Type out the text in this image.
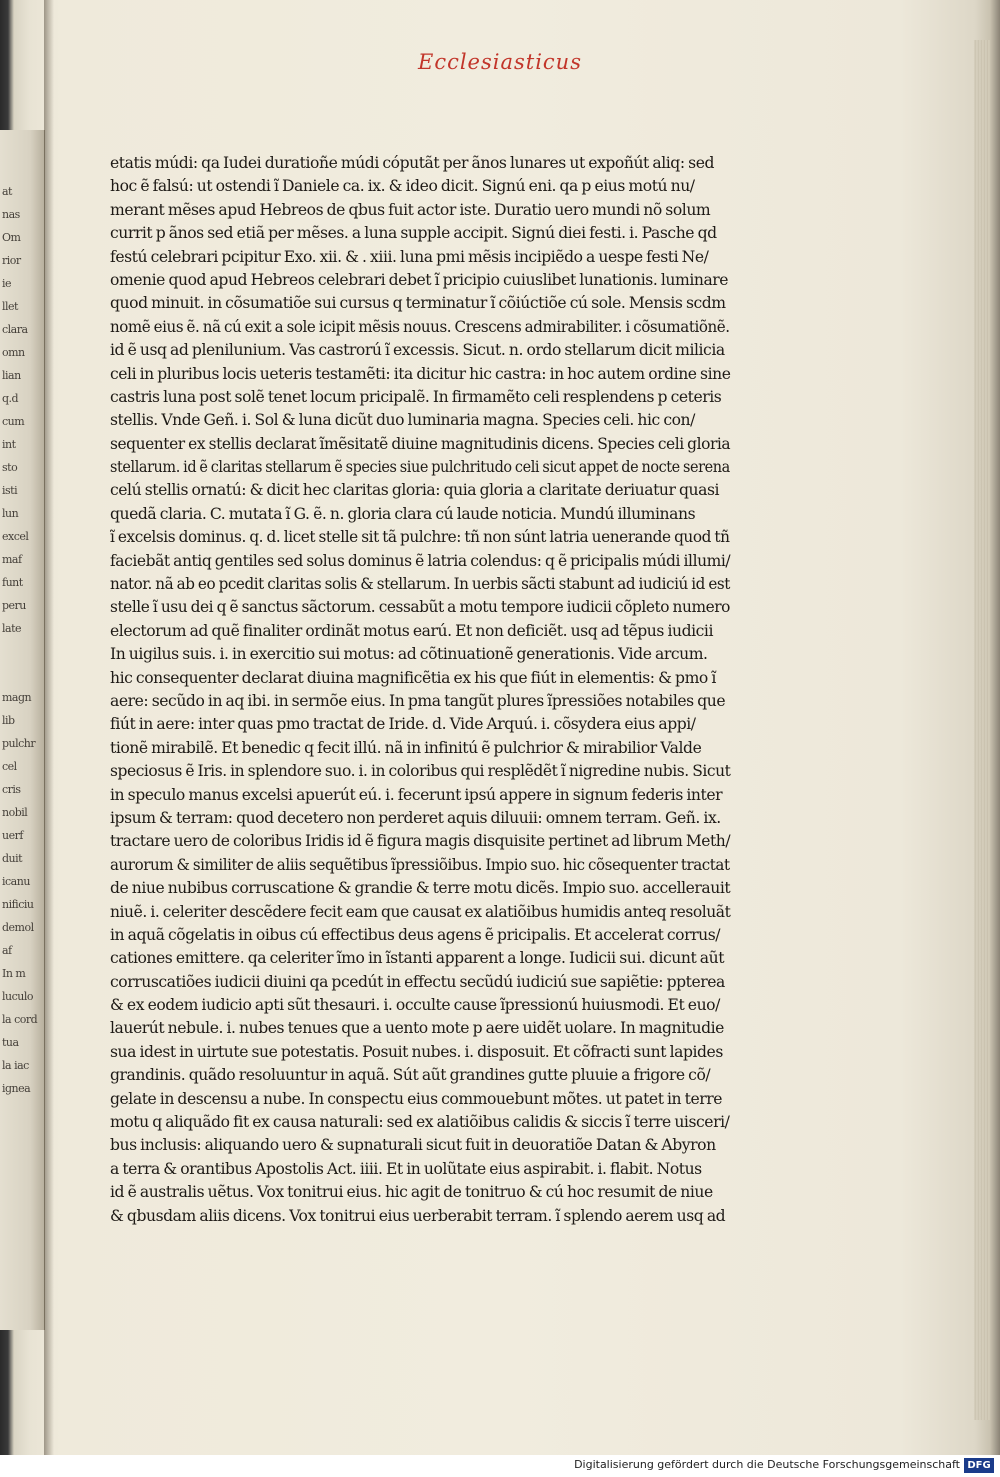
at
nas
Om
rior
ie
llet
clara
omn
lian
q.d
cum
int
sto
isti
lun
excel
maf
funt
peru
late

magn
lib
pulchr
cel
cris
nobil
uerf
duit
icanu
nificiu
demol
af
In m
luculo
la cord
tua
la iac
ignea
Ecclesiasticus
etatis múdi: qa Iudei duratioñe múdi cóputãt per ãnos lunares ut expoñút aliq: sed
hoc ẽ falsú: ut ostendi ĩ Daniele ca. ix. & ideo dicit. Signú eni. qa p eius motú nu/
merant mẽses apud Hebreos de qbus fuit actor iste. Duratio uero mundi nõ solum
currit p ãnos sed etiã per mẽses. a luna supple accipit. Signú diei festi. i. Pasche qd
festú celebrari pcipitur Exo. xii. & . xiii. luna pmi mẽsis incipiẽdo a uespe festi Ne/
omenie quod apud Hebreos celebrari debet ĩ pricipio cuiuslibet lunationis. luminare
quod minuit. in cõsumatiõe sui cursus q terminatur ĩ cõiúctiõe cú sole. Mensis scdm
nomẽ eius ẽ. nã cú exit a sole icipit mẽsis nouus. Crescens admirabiliter. i cõsumatiõnẽ.
id ẽ usq ad plenilunium. Vas castrorú ĩ excessis. Sicut. n. ordo stellarum dicit milicia
celi in pluribus locis ueteris testamẽti: ita dicitur hic castra: in hoc autem ordine sine
castris luna post solẽ tenet locum pricipalẽ. In firmamẽto celi resplendens p ceteris
stellis. Vnde Geñ. i. Sol & luna dicũt duo luminaria magna. Species celi. hic con/
sequenter ex stellis declarat ĩmẽsitatẽ diuine magnitudinis dicens. Species celi gloria
stellarum. id ẽ claritas stellarum ẽ species siue pulchritudo celi sicut appet de nocte serena
celú stellis ornatú: & dicit hec claritas gloria: quia gloria a claritate deriuatur quasi
quedã claria. C. mutata ĩ G. ẽ. n. gloria clara cú laude noticia. Mundú illuminans
ĩ excelsis dominus. q. d. licet stelle sit tã pulchre: tñ non súnt latria uenerande quod tñ
faciebãt antiq gentiles sed solus dominus ẽ latria colendus: q ẽ pricipalis múdi illumi/
nator. nã ab eo pcedit claritas solis & stellarum. In uerbis sãcti stabunt ad iudiciú id est
stelle ĩ usu dei q ẽ sanctus sãctorum. cessabũt a motu tempore iudicii cõpleto numero
electorum ad quẽ finaliter ordinãt motus earú. Et non deficiẽt. usq ad tẽpus iudicii
In uigilus suis. i. in exercitio sui motus: ad cõtinuationẽ generationis. Vide arcum.
hic consequenter declarat diuina magnificẽtia ex his que fiút in elementis: & pmo ĩ
aere: secũdo in aq ibi. in sermõe eius. In pma tangũt plures ĩpressiões notabiles que
fiút in aere: inter quas pmo tractat de Iride. d. Vide Arquú. i. cõsydera eius appi/
tionẽ mirabilẽ. Et benedic q fecit illú. nã in infinitú ẽ pulchrior & mirabilior Valde
speciosus ẽ Iris. in splendore suo. i. in coloribus qui resplẽdẽt ĩ nigredine nubis. Sicut
in speculo manus excelsi apuerút eú. i. fecerunt ipsú appere in signum federis inter
ipsum & terram: quod decetero non perderet aquis diluuii: omnem terram. Geñ. ix.
tractare uero de coloribus Iridis id ẽ figura magis disquisite pertinet ad librum Meth/
aurorum & similiter de aliis sequẽtibus ĩpressiõibus. Impio suo. hic cõsequenter tractat
de niue nubibus corruscatione & grandie & terre motu dicẽs. Impio suo. accellerauit
niuẽ. i. celeriter descẽdere fecit eam que causat ex alatiõibus humidis anteq resoluãt
in aquã cõgelatis in oibus cú effectibus deus agens ẽ pricipalis. Et accelerat corrus/
cationes emittere. qa celeriter ĩmo in ĩstanti apparent a longe. Iudicii sui. dicunt aũt
corruscatiões iudicii diuini qa pcedút in effectu secũdú iudiciú sue sapiẽtie: ppterea
& ex eodem iudicio apti sũt thesauri. i. occulte cause ĩpressionú huiusmodi. Et euo/
lauerút nebule. i. nubes tenues que a uento mote p aere uidẽt uolare. In magnitudie
sua idest in uirtute sue potestatis. Posuit nubes. i. disposuit. Et cõfracti sunt lapides
grandinis. quãdo resoluuntur in aquã. Sút aũt grandines gutte pluuie a frigore cõ/
gelate in descensu a nube. In conspectu eius commouebunt mõtes. ut patet in terre
motu q aliquãdo fit ex causa naturali: sed ex alatiõibus calidis & siccis ĩ terre uisceri/
bus inclusis: aliquando uero & supnaturali sicut fuit in deuoratiõe Datan & Abyron
a terra & orantibus Apostolis Act. iiii. Et in uolũtate eius aspirabit. i. flabit. Notus
id ẽ australis uẽtus. Vox tonitrui eius. hic agit de tonitruo & cú hoc resumit de niue
& qbusdam aliis dicens. Vox tonitrui eius uerberabit terram. ĩ splendo aerem usq ad
Digitalisierung gefördert durch die Deutsche Forschungsgemeinschaft DFG
